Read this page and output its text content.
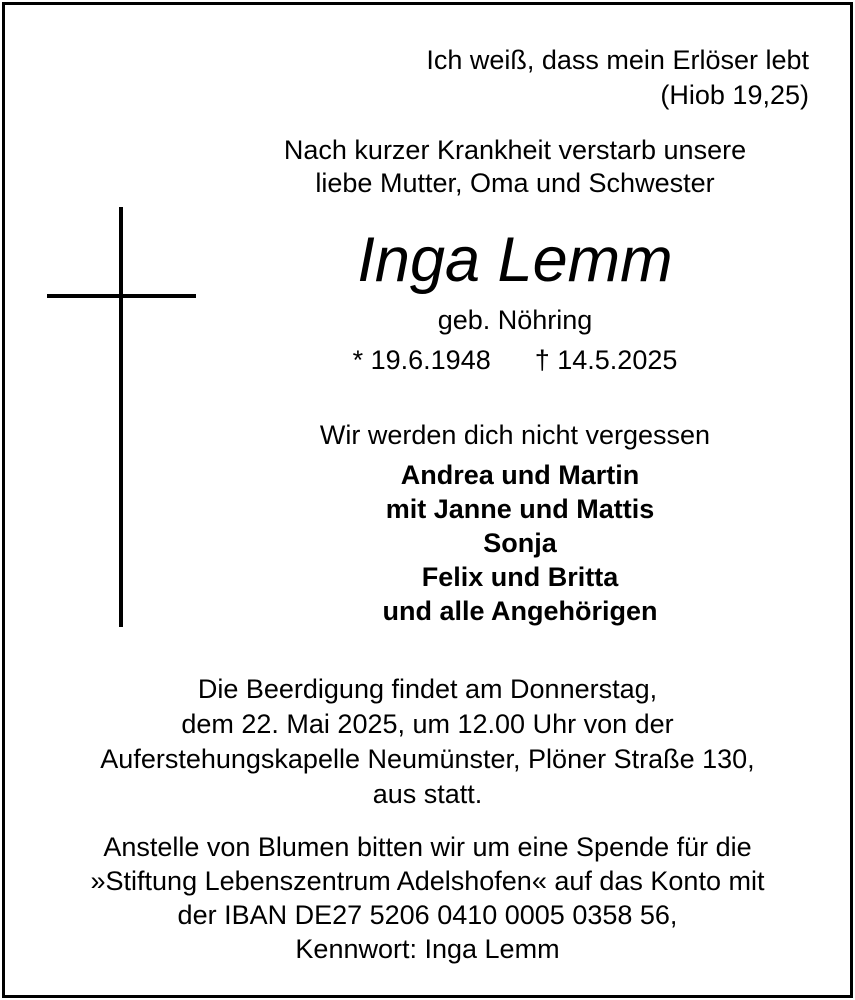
Ich weiß, dass mein Erlöser lebt
(Hiob 19,25)
Nach kurzer Krankheit verstarb unsere
liebe Mutter, Oma und Schwester
Inga Lemm
geb. Nöhring
* 19.6.1948 † 14.5.2025
Wir werden dich nicht vergessen
Andrea und Martin
mit Janne und Mattis
Sonja
Felix und Britta
und alle Angehörigen
Die Beerdigung findet am Donnerstag,
dem 22. Mai 2025, um 12.00 Uhr von der
Auferstehungskapelle Neumünster, Plöner Straße 130,
aus statt.
Anstelle von Blumen bitten wir um eine Spende für die
»Stiftung Lebenszentrum Adelshofen« auf das Konto mit
der IBAN DE27 5206 0410 0005 0358 56,
Kennwort: Inga Lemm
